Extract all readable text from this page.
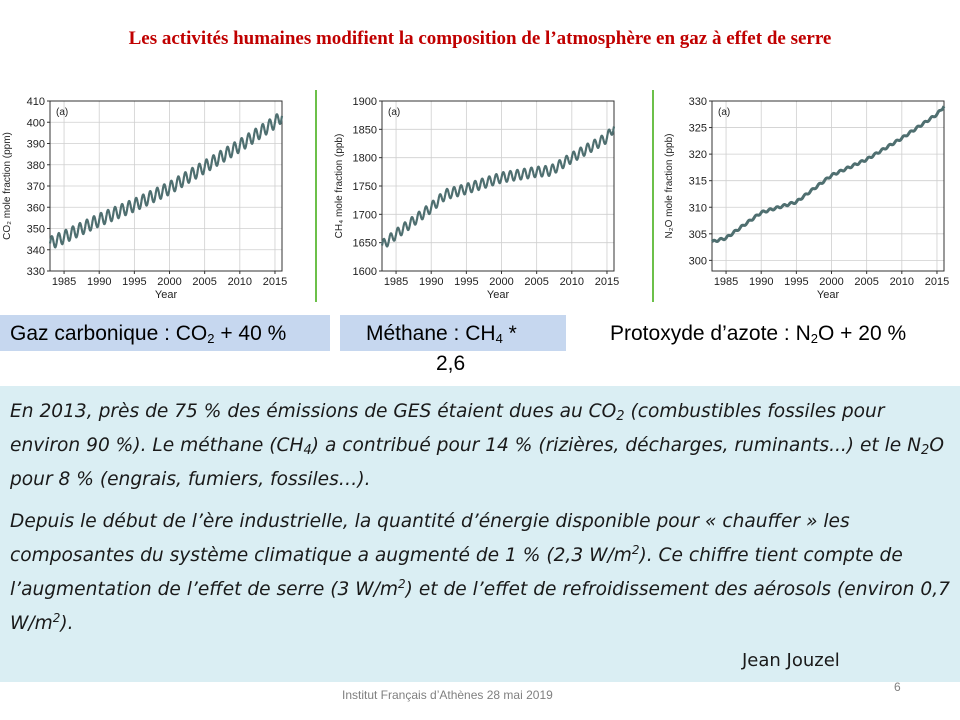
Les activités humaines modifient la composition de l’atmosphère en gaz à effet de serre
330
340
350
360
370
380
390
400
410
1985 1990 1995 2000 2005 2010 2015
Year
CO₂ mole fraction (ppm)
(a)
1600
1650
1700
1750
1800
1850
1900
1985 1990 1995 2000 2005 2010 2015
Year
CH₄ mole fraction (ppb)
(a)
300
305
310
315
320
325
330
1985 1990 1995 2000 2005 2010 2015
Year
N₂O mole fraction (ppb)
(a)
Gaz carbonique : $CO_2 + 40$ %	Méthane : $CH_4$ *
2,6
Protoxyde d’azote : $N_2O + 20$ %

En 2013, près de 75 % des émissions de GES étaient dues au $CO_2$ (combustibles fossiles pour environ 90 %). Le méthane $(CH_4)$ a contribué pour 14 % (rizières, décharges, ruminants...) et le $N_2O$ pour 8 % (engrais, fumiers, fossiles…).

Depuis le début de l’ère industrielle, la quantité d’énergie disponible pour « chauffer » les composantes du système climatique a augmenté de 1 % (2,3 $W/m^2$). Ce chiffre tient compte de l’augmentation de l’effet de serre (3 $W/m^2$) et de l’effet de refroidissement des aérosols (environ 0,7 $W/m^2$).

Jean Jouzel
Institut Français d’Athènes 28 mai 2019
6
